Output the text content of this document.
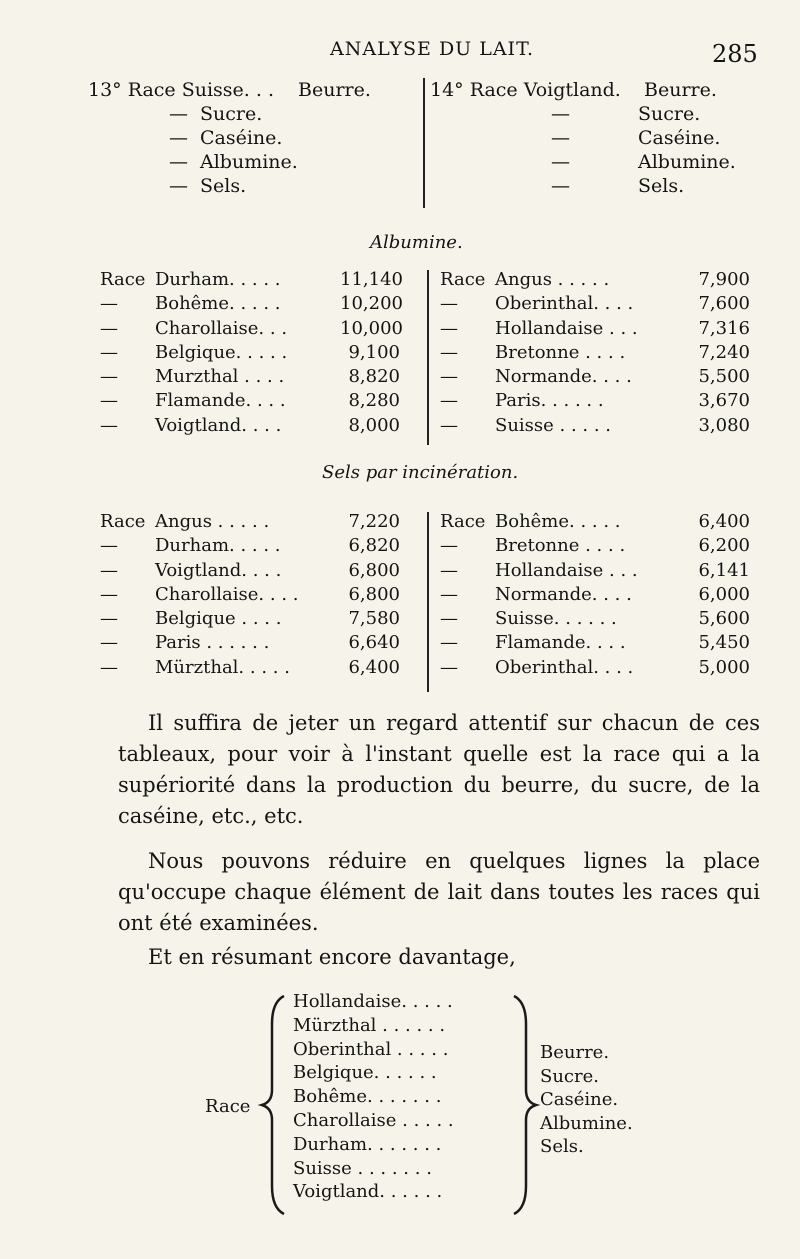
ANALYSE DU LAIT.	285
13° Race Suisse. . . Beurre.
— Sucre.
— Caséine.
— Albumine.
— Sels.
14° Race Voigtland. Beurre.
—	Sucre.
—	Caséine.
—	Albumine.
—	Sels.
Albumine.
Race Durham. . . . .	11,140
— Bohême. . . . .	10,200
— Charollaise. . .	10,000
— Belgique. . . . .	9,100
— Murzthal . . . .	8,820
— Flamande. . . .	8,280
— Voigtland. . . .	8,000
Race Angus . . . . .	7,900
— Oberinthal. . . .	7,600
— Hollandaise . . .	7,316
— Bretonne . . . .	7,240
— Normande. . . .	5,500
— Paris. . . . . .	3,670
— Suisse . . . . .	3,080
Sels par incinération.
Race Angus . . . . .	7,220
— Durham. . . . .	6,820
— Voigtland. . . .	6,800
— Charollaise. . . .	6,800
— Belgique . . . .	7,580
— Paris . . . . . .	6,640
— Mürzthal. . . . .	6,400
Race Bohême. . . . .	6,400
— Bretonne . . . .	6,200
— Hollandaise . . .	6,141
— Normande. . . .	6,000
— Suisse. . . . . .	5,600
— Flamande. . . .	5,450
— Oberinthal. . . .	5,000
Il suffira de jeter un regard attentif sur chacun de ces tableaux, pour voir à l'instant quelle est la race qui a la supériorité dans la production du beurre, du sucre, de la caséine, etc., etc.
Nous pouvons réduire en quelques lignes la place qu'occupe chaque élément de lait dans toutes les races qui ont été examinées.
Et en résumant encore davantage,
Race
Hollandaise. . . . .
Mürzthal . . . . . .
Oberinthal . . . . .
Belgique. . . . . .
Bohême. . . . . . .
Charollaise . . . . .
Durham. . . . . . .
Suisse . . . . . . .
Voigtland. . . . . .
Beurre.
Sucre.
Caséine.
Albumine.
Sels.
